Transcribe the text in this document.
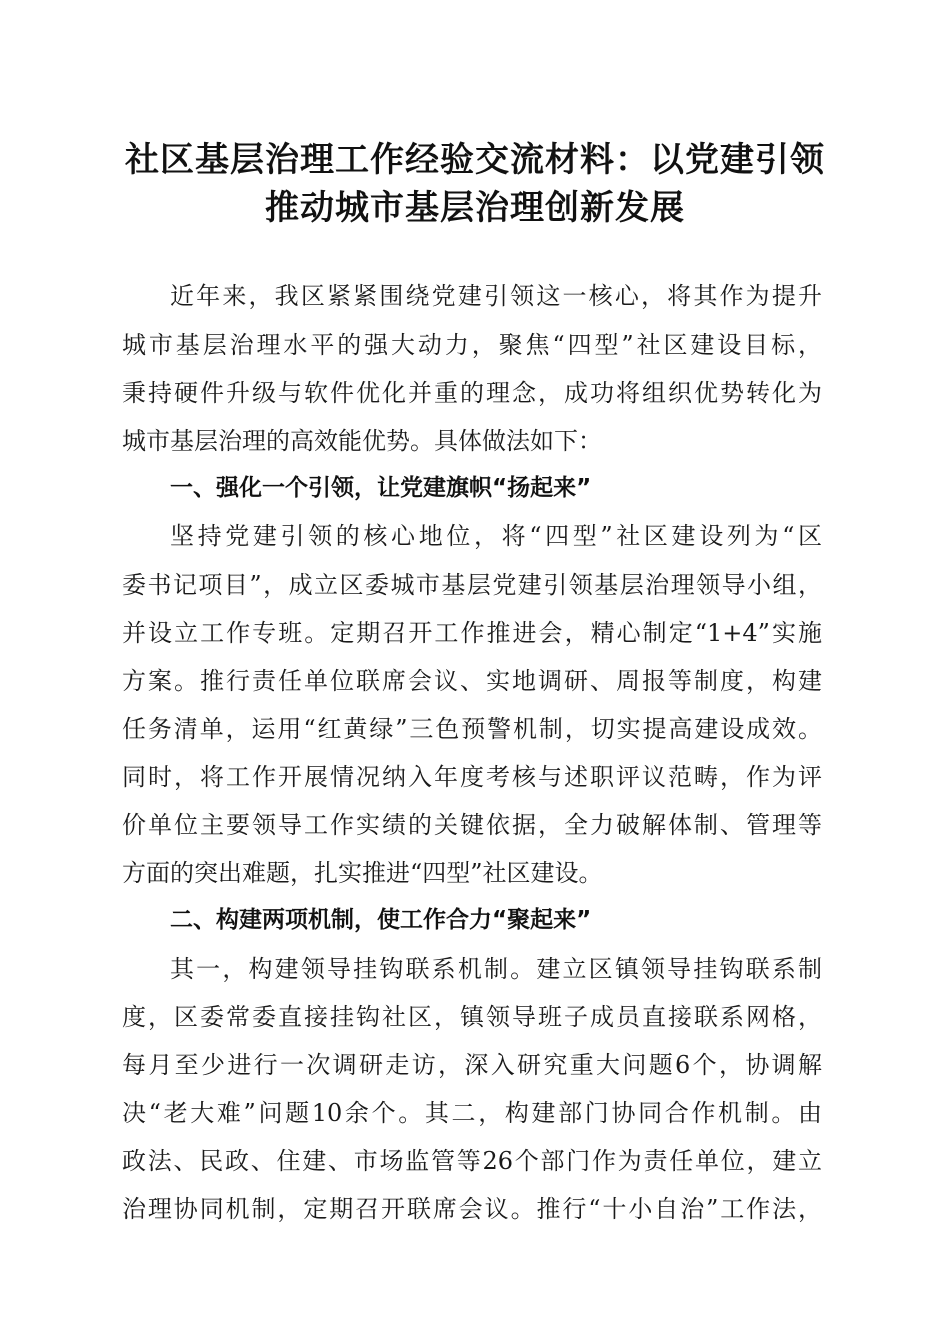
社区基层治理工作经验交流材料：以党建引领
推动城市基层治理创新发展
近年来，我区紧紧围绕党建引领这一核心，将其作为提升
城市基层治理水平的强大动力，聚焦“四型”社区建设目标，
秉持硬件升级与软件优化并重的理念，成功将组织优势转化为
城市基层治理的高效能优势。具体做法如下：
一、强化一个引领，让党建旗帜“扬起来”
坚持党建引领的核心地位，将“四型”社区建设列为“区
委书记项目”，成立区委城市基层党建引领基层治理领导小组，
并设立工作专班。定期召开工作推进会，精心制定“1+4”实施
方案。推行责任单位联席会议、实地调研、周报等制度，构建
任务清单，运用“红黄绿”三色预警机制，切实提高建设成效。
同时，将工作开展情况纳入年度考核与述职评议范畴，作为评
价单位主要领导工作实绩的关键依据，全力破解体制、管理等
方面的突出难题，扎实推进“四型”社区建设。
二、构建两项机制，使工作合力“聚起来”
其一，构建领导挂钩联系机制。建立区镇领导挂钩联系制
度，区委常委直接挂钩社区，镇领导班子成员直接联系网格，
每月至少进行一次调研走访，深入研究重大问题6个，协调解
决“老大难”问题10余个。其二，构建部门协同合作机制。由
政法、民政、住建、市场监管等26个部门作为责任单位，建立
治理协同机制，定期召开联席会议。推行“十小自治”工作法，
